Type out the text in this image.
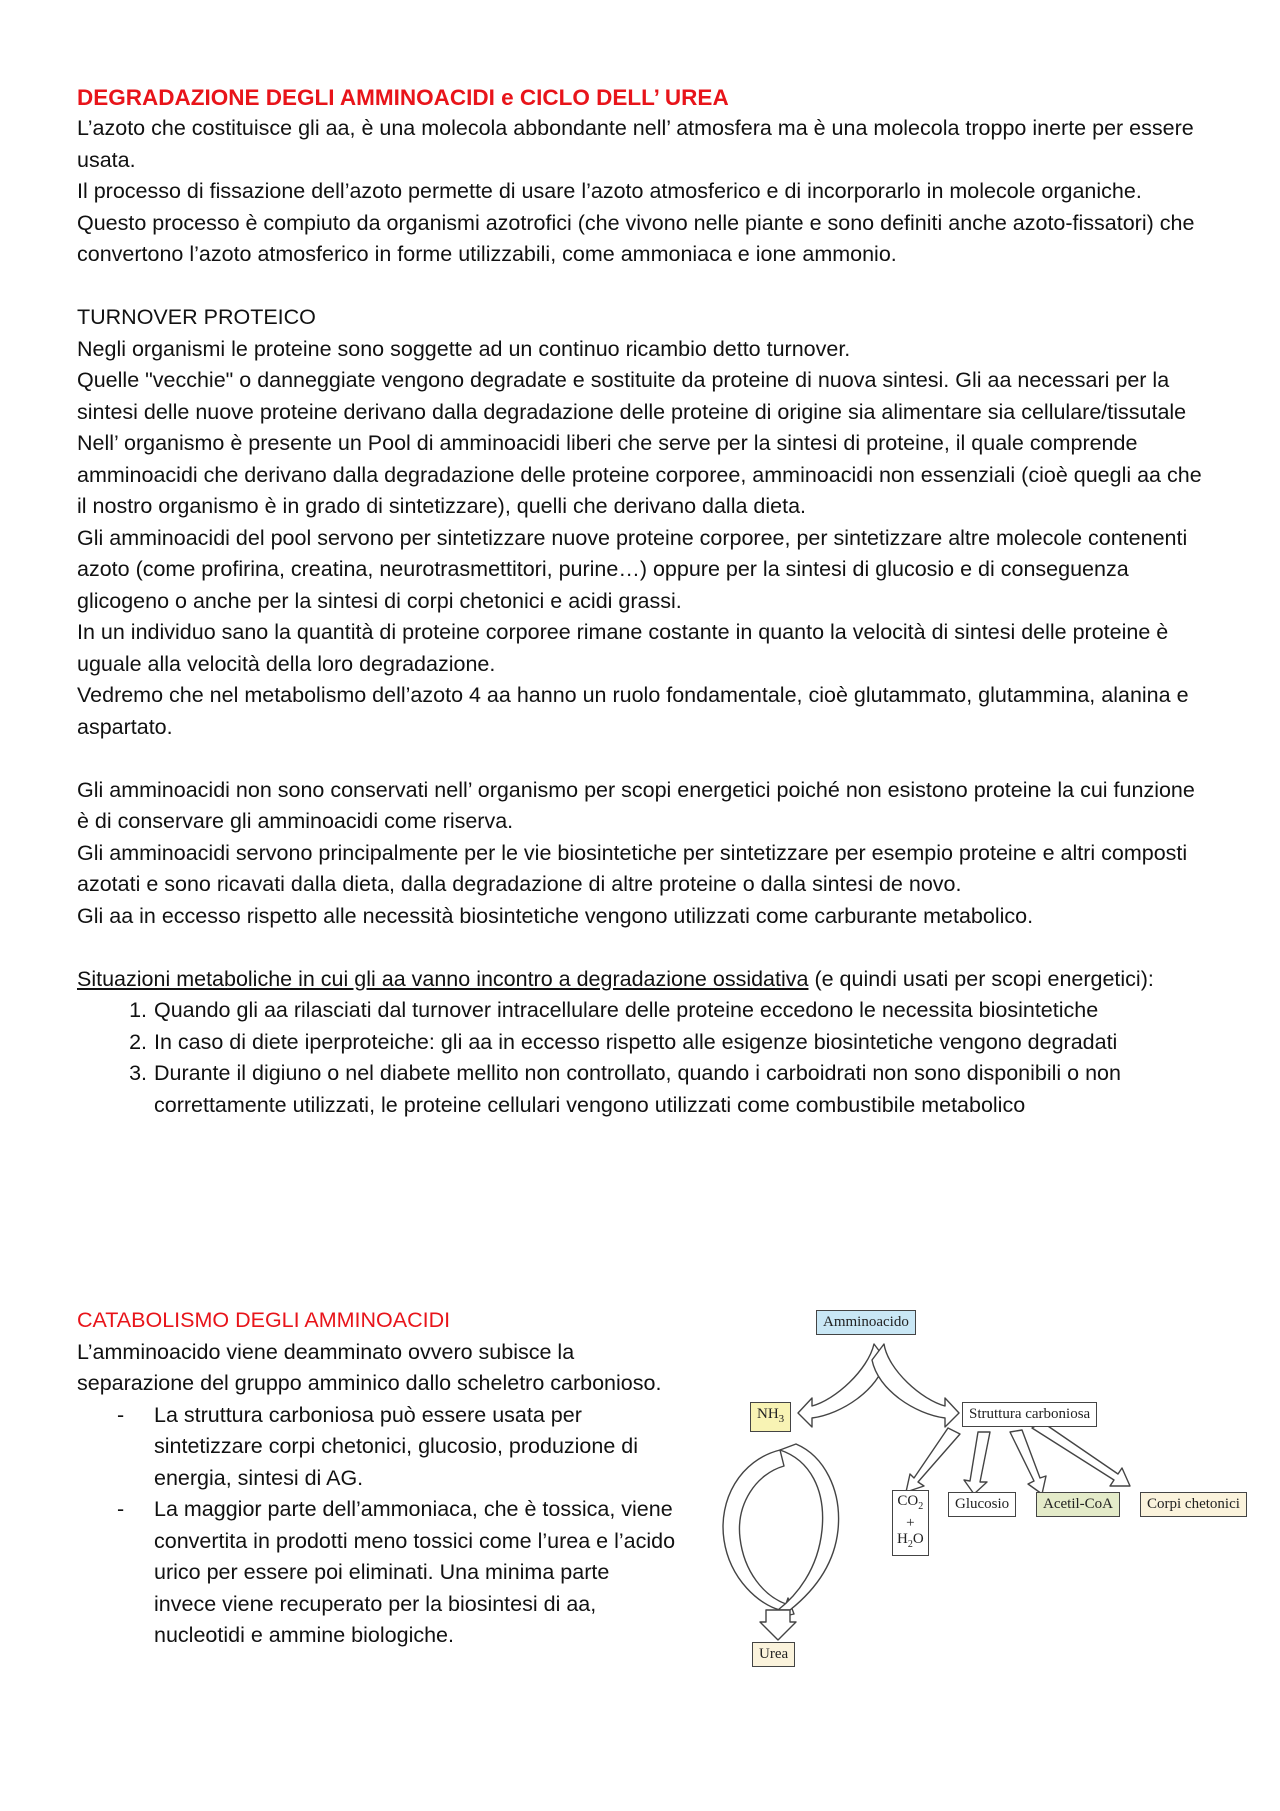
DEGRADAZIONE DEGLI AMMINOACIDI e CICLO DELL’ UREA

L’azoto che costituisce gli aa, è una molecola abbondante nell’ atmosfera ma è una molecola troppo inerte per essere usata.

Il processo di fissazione dell’azoto permette di usare l’azoto atmosferico e di incorporarlo in molecole organiche. Questo processo è compiuto da organismi azotrofici (che vivono nelle piante e sono definiti anche azoto-fissatori) che convertono l’azoto atmosferico in forme utilizzabili, come ammoniaca e ione ammonio.

TURNOVER PROTEICO

Negli organismi le proteine sono soggette ad un continuo ricambio detto turnover.

Quelle "vecchie" o danneggiate vengono degradate e sostituite da proteine di nuova sintesi. Gli aa necessari per la sintesi delle nuove proteine derivano dalla degradazione delle proteine di origine sia alimentare sia cellulare/tissutale

Nell’ organismo è presente un Pool di amminoacidi liberi che serve per la sintesi di proteine, il quale comprende amminoacidi che derivano dalla degradazione delle proteine corporee, amminoacidi non essenziali (cioè quegli aa che il nostro organismo è in grado di sintetizzare), quelli che derivano dalla dieta.

Gli amminoacidi del pool servono per sintetizzare nuove proteine corporee, per sintetizzare altre molecole contenenti azoto (come profirina, creatina, neurotrasmettitori, purine…) oppure per la sintesi di glucosio e di conseguenza glicogeno o anche per la sintesi di corpi chetonici e acidi grassi.

In un individuo sano la quantità di proteine corporee rimane costante in quanto la velocità di sintesi delle proteine è uguale alla velocità della loro degradazione.

Vedremo che nel metabolismo dell’azoto 4 aa hanno un ruolo fondamentale, cioè glutammato, glutammina, alanina e aspartato.

Gli amminoacidi non sono conservati nell’ organismo per scopi energetici poiché non esistono proteine la cui funzione è di conservare gli amminoacidi come riserva.

Gli amminoacidi servono principalmente per le vie biosintetiche per sintetizzare per esempio proteine e altri composti azotati e sono ricavati dalla dieta, dalla degradazione di altre proteine o dalla sintesi de novo.

Gli aa in eccesso rispetto alle necessità biosintetiche vengono utilizzati come carburante metabolico.

Situazioni metaboliche in cui gli aa vanno incontro a degradazione ossidativa (e quindi usati per scopi energetici):

1. Quando gli aa rilasciati dal turnover intracellulare delle proteine eccedono le necessita biosintetiche
2. In caso di diete iperproteiche: gli aa in eccesso rispetto alle esigenze biosintetiche vengono degradati
3. Durante il digiuno o nel diabete mellito non controllato, quando i carboidrati non sono disponibili o non correttamente utilizzati, le proteine cellulari vengono utilizzati come combustibile metabolico

CATABOLISMO DEGLI AMMINOACIDI

L’amminoacido viene deamminato ovvero subisce la separazione del gruppo amminico dallo scheletro carbonioso.

- La struttura carboniosa può essere usata per sintetizzare corpi chetonici, glucosio, produzione di energia, sintesi di AG.
- La maggior parte dell’ammoniaca, che è tossica, viene convertita in prodotti meno tossici come l’urea e l’acido urico per essere poi eliminati. Una minima parte invece viene recuperato per la biosintesi di aa, nucleotidi e ammine biologiche.
Amminoacido
$NH_3$	Struttura carboniosa
$CO_2$
+
$H_2O$
Glucosio	Acetil-CoA	Corpi chetonici
Urea
